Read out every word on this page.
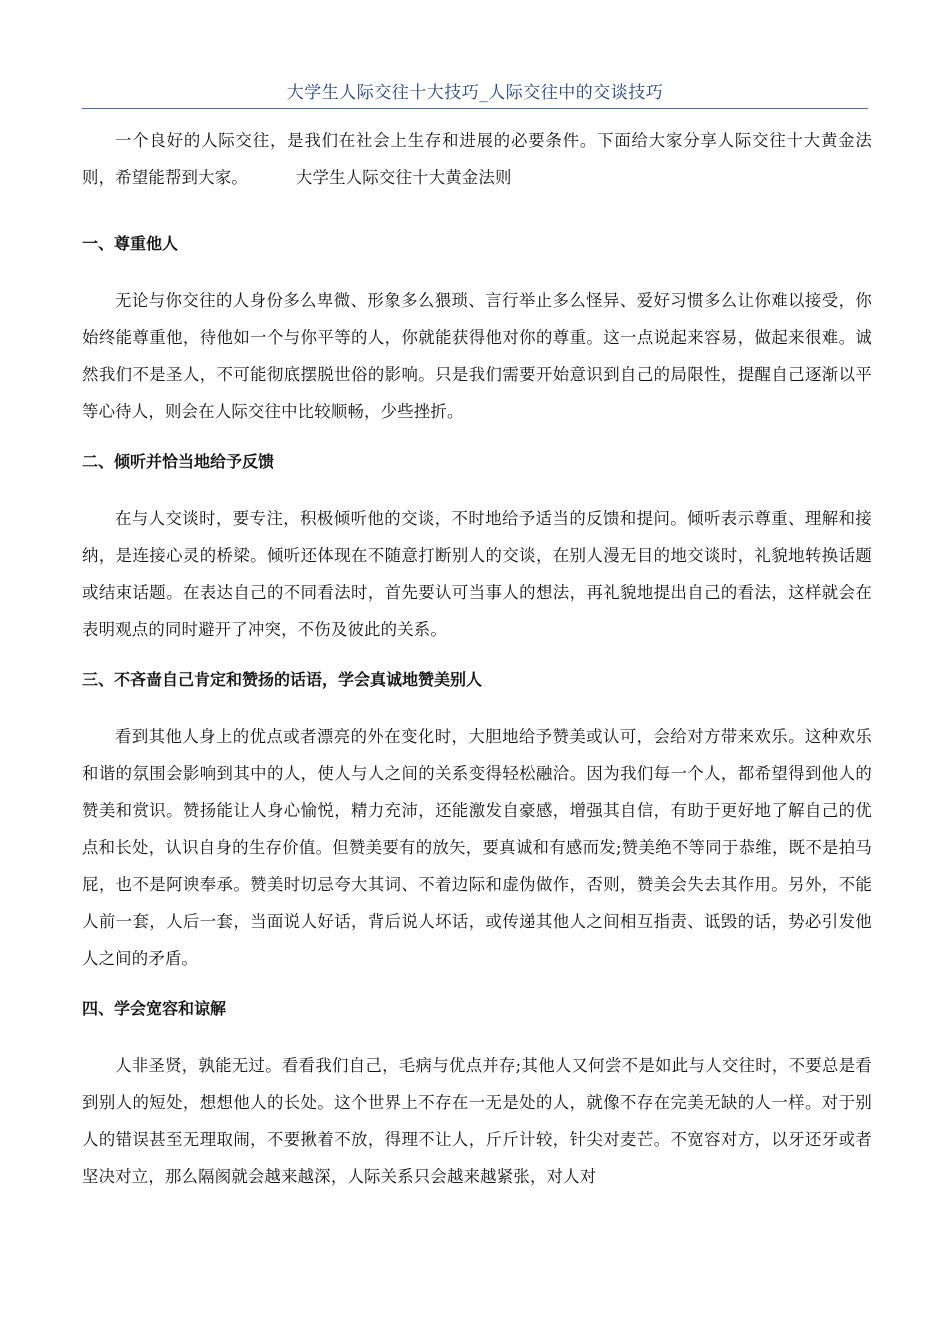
大学生人际交往十大技巧_人际交往中的交谈技巧

一个良好的人际交往，是我们在社会上生存和进展的必要条件。下面给大家分享人际交往十大黄金法则，希望能帮到大家。	大学生人际交往十大黄金法则

一、尊重他人

无论与你交往的人身份多么卑微、形象多么猥琐、言行举止多么怪异、爱好习惯多么让你难以接受，你始终能尊重他，待他如一个与你平等的人，你就能获得他对你的尊重。这一点说起来容易，做起来很难。诚然我们不是圣人，不可能彻底摆脱世俗的影响。只是我们需要开始意识到自己的局限性，提醒自己逐渐以平等心待人，则会在人际交往中比较顺畅，少些挫折。

二、倾听并恰当地给予反馈

在与人交谈时，要专注，积极倾听他的交谈，不时地给予适当的反馈和提问。倾听表示尊重、理解和接纳，是连接心灵的桥梁。倾听还体现在不随意打断别人的交谈，在别人漫无目的地交谈时，礼貌地转换话题或结束话题。在表达自己的不同看法时，首先要认可当事人的想法，再礼貌地提出自己的看法，这样就会在表明观点的同时避开了冲突，不伤及彼此的关系。

三、不吝啬自己肯定和赞扬的话语，学会真诚地赞美别人

看到其他人身上的优点或者漂亮的外在变化时，大胆地给予赞美或认可，会给对方带来欢乐。这种欢乐和谐的氛围会影响到其中的人，使人与人之间的关系变得轻松融洽。因为我们每一个人，都希望得到他人的赞美和赏识。赞扬能让人身心愉悦，精力充沛，还能激发自豪感，增强其自信，有助于更好地了解自己的优点和长处，认识自身的生存价值。但赞美要有的放矢，要真诚和有感而发;赞美绝不等同于恭维，既不是拍马屁，也不是阿谀奉承。赞美时切忌夸大其词、不着边际和虚伪做作，否则，赞美会失去其作用。另外，不能人前一套，人后一套，当面说人好话，背后说人坏话，或传递其他人之间相互指责、诋毁的话，势必引发他人之间的矛盾。

四、学会宽容和谅解

人非圣贤，孰能无过。看看我们自己，毛病与优点并存;其他人又何尝不是如此与人交往时，不要总是看到别人的短处，想想他人的长处。这个世界上不存在一无是处的人，就像不存在完美无缺的人一样。对于别人的错误甚至无理取闹，不要揪着不放，得理不让人，斤斤计较，针尖对麦芒。不宽容对方，以牙还牙或者坚决对立，那么隔阂就会越来越深，人际关系只会越来越紧张，对人对
